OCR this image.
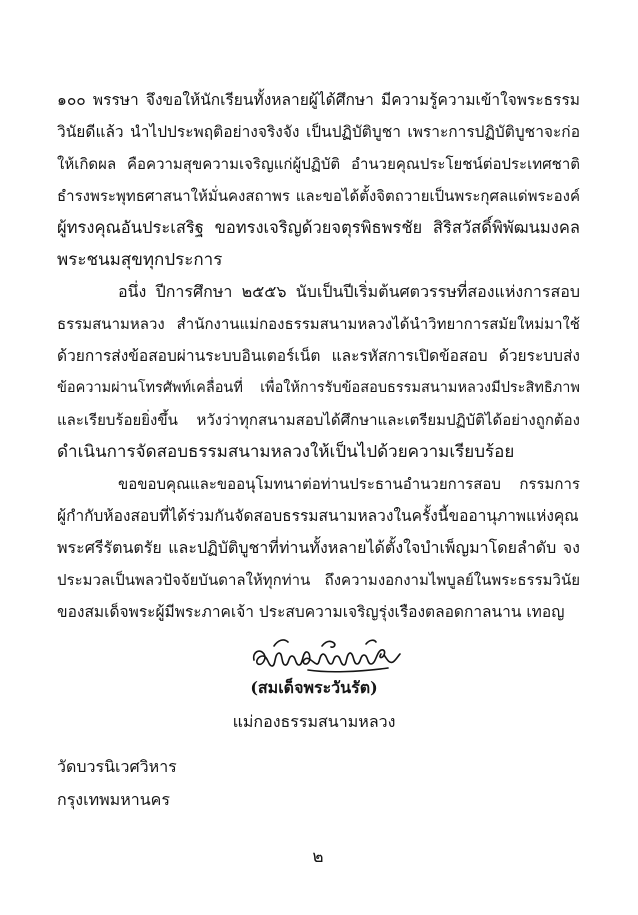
๑๐๐ พรรษา จึงขอให้นักเรียนทั้งหลายผู้ได้ศึกษา มีความรู้ความเข้าใจพระธรรม
วินัยดีแล้ว นำไปประพฤติอย่างจริงจัง เป็นปฏิบัติบูชา เพราะการปฏิบัติบูชาจะก่อ
ให้เกิดผล คือความสุขความเจริญแก่ผู้ปฏิบัติ อำนวยคุณประโยชน์ต่อประเทศชาติ
ธำรงพระพุทธศาสนาให้มั่นคงสถาพร และขอได้ตั้งจิตถวายเป็นพระกุศลแด่พระองค์
ผู้ทรงคุณอันประเสริฐ ขอทรงเจริญด้วยจตุรพิธพรชัย สิริสวัสดิ์พิพัฒนมงคล
พระชนมสุขทุกประการ
อนึ่ง ปีการศึกษา ๒๕๕๖ นับเป็นปีเริ่มต้นศตวรรษที่สองแห่งการสอบ
ธรรมสนามหลวง สำนักงานแม่กองธรรมสนามหลวงได้นำวิทยาการสมัยใหม่มาใช้
ด้วยการส่งข้อสอบผ่านระบบอินเตอร์เน็ต และรหัสการเปิดข้อสอบ ด้วยระบบส่ง
ข้อความผ่านโทรศัพท์เคลื่อนที่ เพื่อให้การรับข้อสอบธรรมสนามหลวงมีประสิทธิภาพ
และเรียบร้อยยิ่งขึ้น หวังว่าทุกสนามสอบได้ศึกษาและเตรียมปฏิบัติได้อย่างถูกต้อง
ดำเนินการจัดสอบธรรมสนามหลวงให้เป็นไปด้วยความเรียบร้อย
ขอขอบคุณและขออนุโมทนาต่อท่านประธานอำนวยการสอบ กรรมการ
ผู้กำกับห้องสอบที่ได้ร่วมกันจัดสอบธรรมสนามหลวงในครั้งนี้ขออานุภาพแห่งคุณ
พระศรีรัตนตรัย และปฏิบัติบูชาที่ท่านทั้งหลายได้ตั้งใจบำเพ็ญมาโดยลำดับ จง
ประมวลเป็นพลวปัจจัยบันดาลให้ทุกท่าน ถึงความงอกงามไพบูลย์ในพระธรรมวินัย
ของสมเด็จพระผู้มีพระภาคเจ้า ประสบความเจริญรุ่งเรืองตลอดกาลนาน เทอญ
(สมเด็จพระวันรัต)
แม่กองธรรมสนามหลวง
วัดบวรนิเวศวิหาร
กรุงเทพมหานคร
๒
